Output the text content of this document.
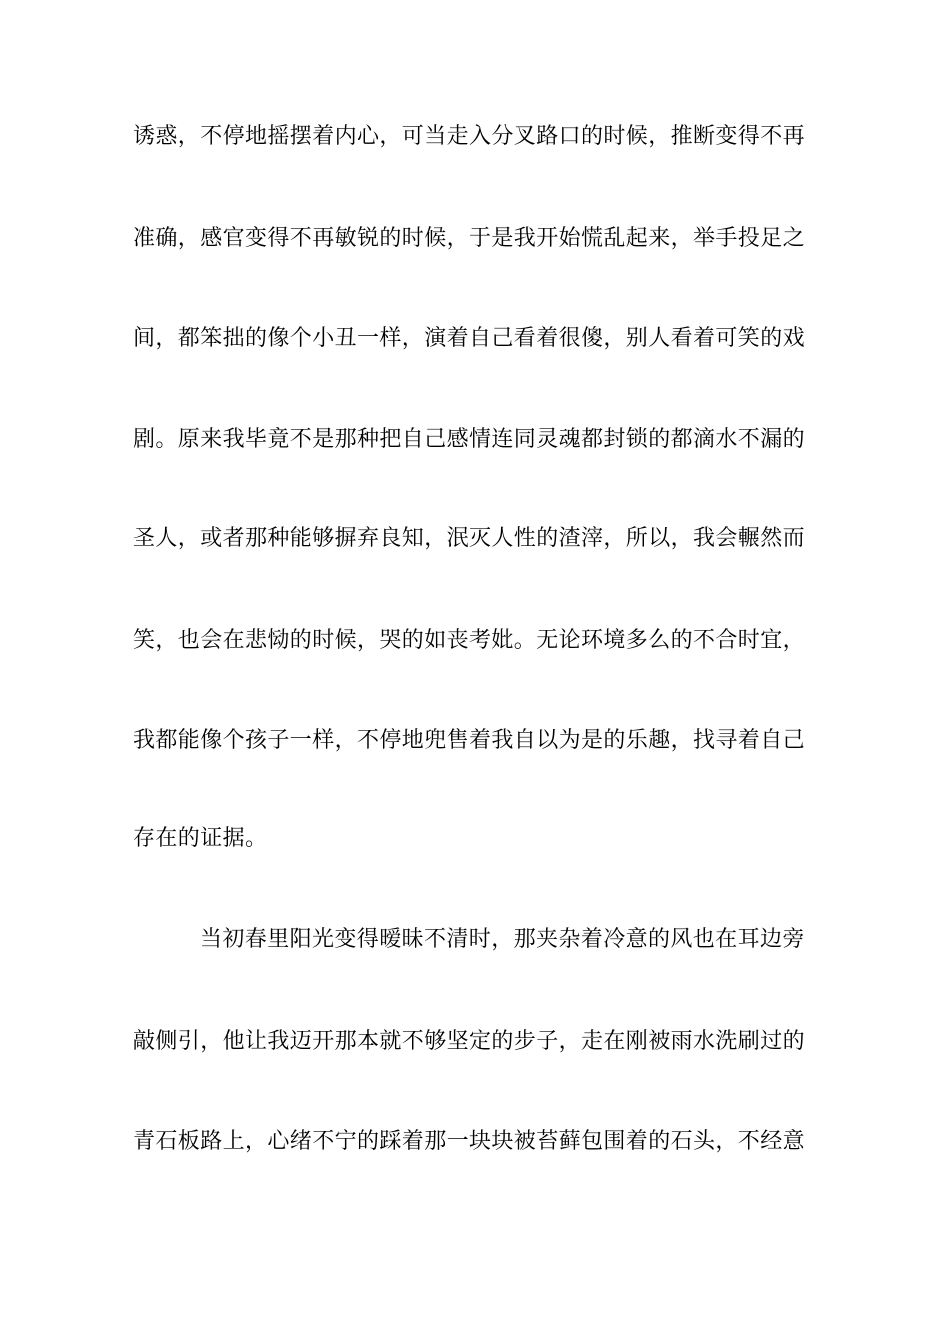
诱惑，不停地摇摆着内心，可当走入分叉路口的时候，推断变得不再
准确，感官变得不再敏锐的时候，于是我开始慌乱起来，举手投足之
间，都笨拙的像个小丑一样，演着自己看着很傻，别人看着可笑的戏
剧。原来我毕竟不是那种把自己感情连同灵魂都封锁的都滴水不漏的
圣人，或者那种能够摒弃良知，泯灭人性的渣滓，所以，我会輾然而
笑，也会在悲恸的时候，哭的如丧考妣。无论环境多么的不合时宜，
我都能像个孩子一样，不停地兜售着我自以为是的乐趣，找寻着自己
存在的证据。
当初春里阳光变得暧昧不清时，那夹杂着冷意的风也在耳边旁
敲侧引，他让我迈开那本就不够坚定的步子，走在刚被雨水洗刷过的
青石板路上，心绪不宁的踩着那一块块被苔藓包围着的石头，不经意
